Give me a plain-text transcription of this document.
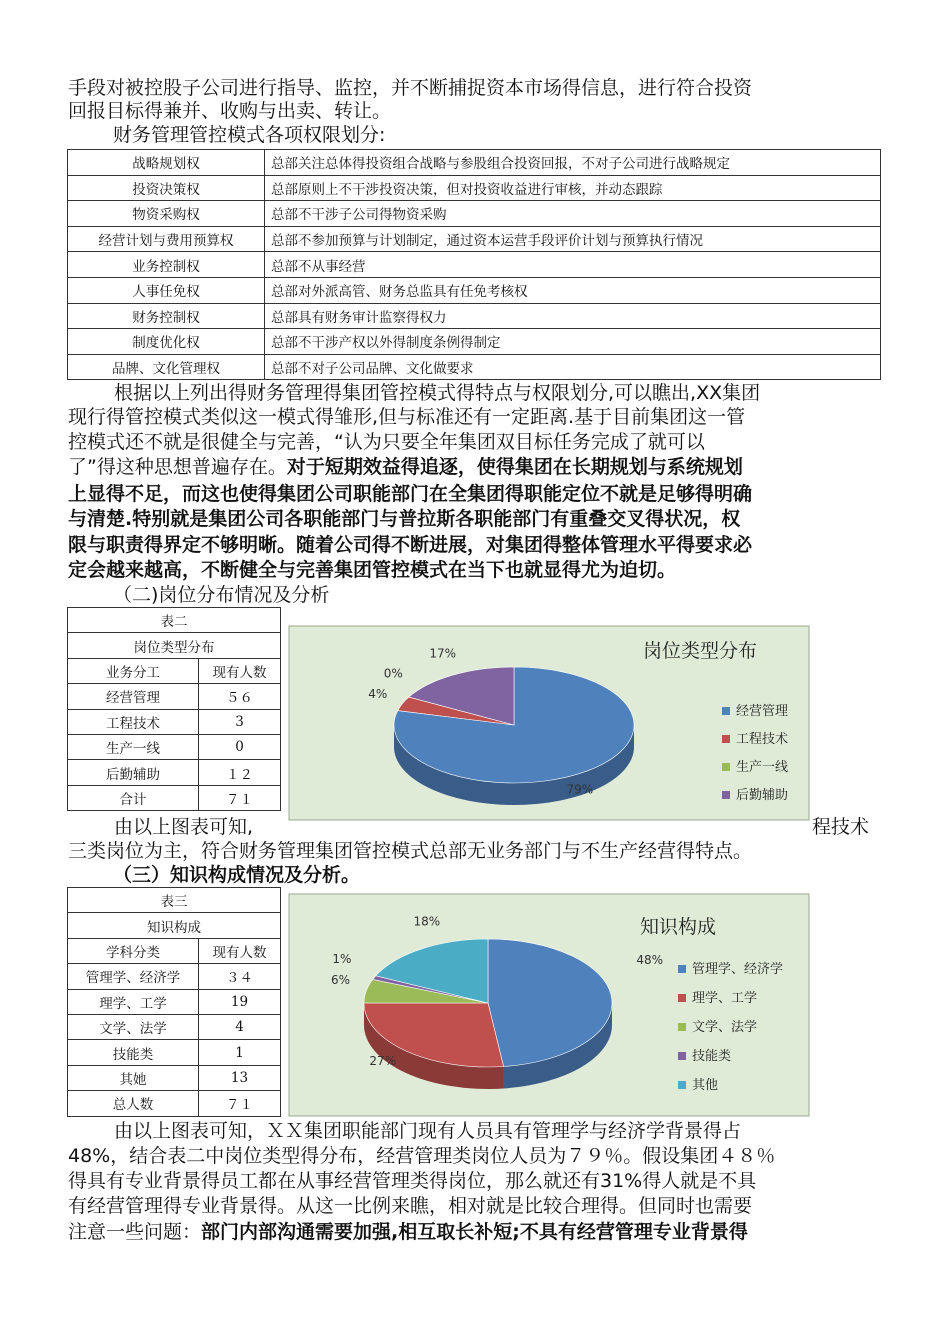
手段对被控股子公司进行指导、监控，并不断捕捉资本市场得信息，进行符合投资
回报目标得兼并、收购与出卖、转让。
财务管理管控模式各项权限划分:
战略规划权	总部关注总体得投资组合战略与参股组合投资回报，不对子公司进行战略规定
投资决策权	总部原则上不干涉投资决策，但对投资收益进行审核，并动态跟踪
物资采购权	总部不干涉子公司得物资采购
经营计划与费用预算权	总部不参加预算与计划制定，通过资本运营手段评价计划与预算执行情况
业务控制权	总部不从事经营
人事任免权	总部对外派高管、财务总监具有任免考核权
财务控制权	总部具有财务审计监察得权力
制度优化权	总部不干涉产权以外得制度条例得制定
品牌、文化管理权	总部不对子公司品牌、文化做要求
根据以上列出得财务管理得集团管控模式得特点与权限划分,可以瞧出,XX集团
现行得管控模式类似这一模式得雏形,但与标准还有一定距离.基于目前集团这一管
控模式还不就是很健全与完善，“认为只要全年集团双目标任务完成了就可以
了”得这种思想普遍存在。对于短期效益得追逐，使得集团在长期规划与系统规划
上显得不足，而这也使得集团公司职能部门在全集团得职能定位不就是足够得明确
与清楚.特别就是集团公司各职能部门与普拉斯各职能部门有重叠交叉得状况，权
限与职责得界定不够明晰。随着公司得不断进展，对集团得整体管理水平得要求必
定会越来越高，不断健全与完善集团管控模式在当下也就显得尤为迫切。
（二)岗位分布情况及分析
表二	
岗位类型分布	
业务分工	现有人数
经营管理	５６
工程技术	3
生产一线	0
后勤辅助	１２
合计	７１
岗位类型分布
79%
4%
0%
17%
经营管理
工程技术
生产一线
后勤辅助
由以上图表可知,	程技术
三类岗位为主，符合财务管理集团管控模式总部无业务部门与不生产经营得特点。
（三）知识构成情况及分析。
表三	
知识构成	
学科分类	现有人数
管理学、经济学	３４
理学、工学	19
文学、法学	4
技能类	1
其她	13
总人数	７１
知识构成
48%
27%
6%
1%
18%
管理学、经济学
理学、工学
文学、法学
技能类
其他
由以上图表可知，ＸＸ集团职能部门现有人员具有管理学与经济学背景得占
48%，结合表二中岗位类型得分布，经营管理类岗位人员为７９％。假设集团４８％
得具有专业背景得员工都在从事经营管理类得岗位，那么就还有31%得人就是不具
有经营管理得专业背景得。从这一比例来瞧，相对就是比较合理得。但同时也需要
注意一些问题：部门内部沟通需要加强,相互取长补短;不具有经营管理专业背景得
